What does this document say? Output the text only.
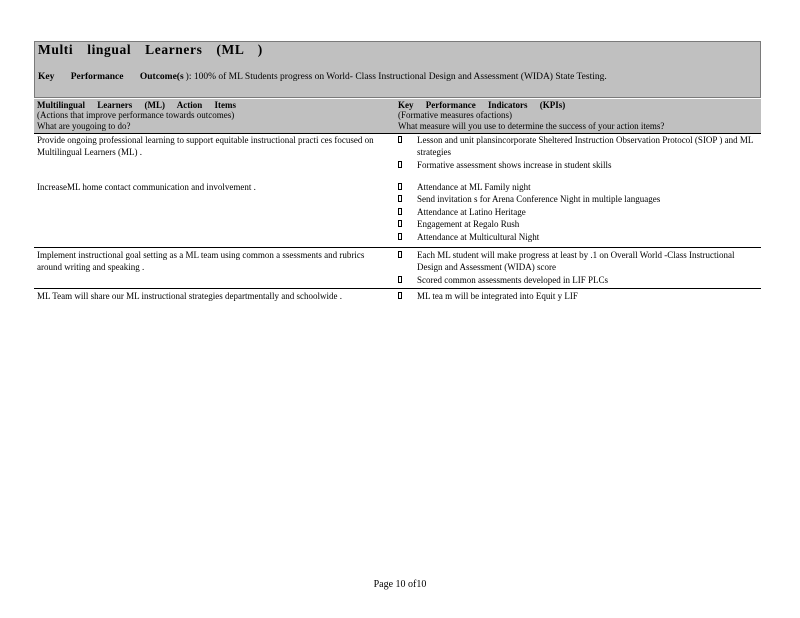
Multi lingual Learners (ML )
Key Performance Outcome(s ): 100% of ML Students progress on World- Class Instructional Design and Assessment (WIDA) State Testing.
Multilingual Learners (ML) Action Items
(Actions that improve performance towards outcomes)
What are yougoing to do?
Key Performance Indicators (KPIs)
(Formative measures ofactions)
What measure will you use to determine the success of your action items?
Provide ongoing professional learning to support equitable instructional practi ces focused on Multilingual Learners (ML) .
Lesson and unit plansincorporate Sheltered Instruction Observation Protocol (SIOP ) and ML strategies
Formative assessment shows increase in student skills
IncreaseML home contact communication and involvement .	Attendance at ML Family night
Send invitation s for Arena Conference Night in multiple languages
Attendance at Latino Heritage
Engagement at Regalo Rush
Attendance at Multicultural Night
Implement instructional goal setting as a ML team using common a ssessments and rubrics around writing and speaking .
Each ML student will make progress at least by .1 on Overall World -Class Instructional Design and Assessment (WIDA) score
Scored common assessments developed in LIF PLCs
ML Team will share our ML instructional strategies departmentally and schoolwide .	ML tea m will be integrated into Equit y LIF
Page 10 of10
